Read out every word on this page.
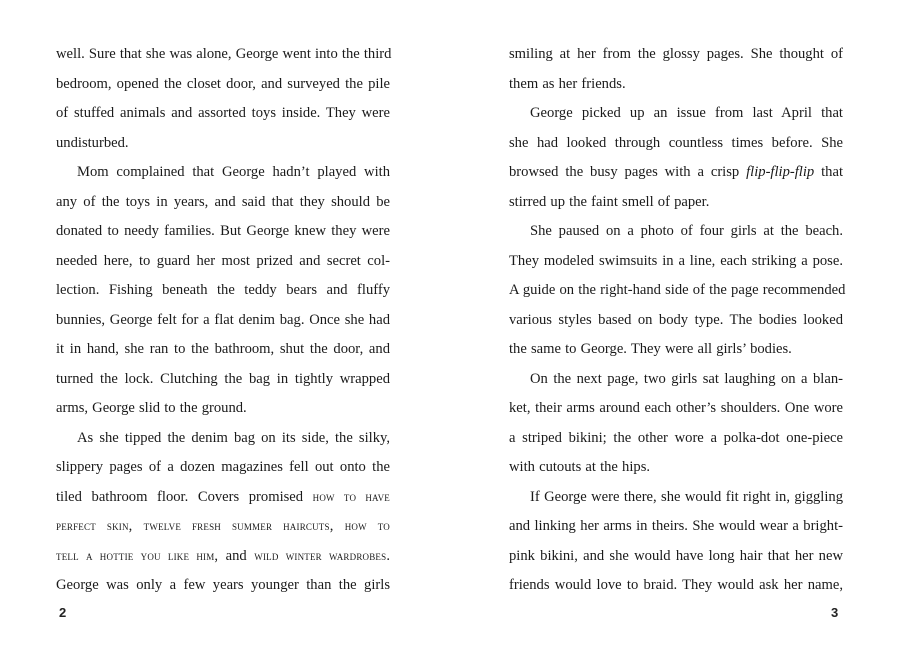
well. Sure that she was alone, George went into the third
bedroom, opened the closet door, and surveyed the pile
of stuffed animals and assorted toys inside. They were
undisturbed.
Mom complained that George hadn’t played with
any of the toys in years, and said that they should be
donated to needy families. But George knew they were
needed here, to guard her most prized and secret col-
lection. Fishing beneath the teddy bears and fluffy
bunnies, George felt for a flat denim bag. Once she had
it in hand, she ran to the bathroom, shut the door, and
turned the lock. Clutching the bag in tightly wrapped
arms, George slid to the ground.
As she tipped the denim bag on its side, the silky,
slippery pages of a dozen magazines fell out onto the
tiled bathroom floor. Covers promised how to have
perfect skin, twelve fresh summer haircuts, how to
tell a hottie you like him, and wild winter wardrobes.
George was only a few years younger than the girls
smiling at her from the glossy pages. She thought of
them as her friends.
George picked up an issue from last April that
she had looked through countless times before. She
browsed the busy pages with a crisp flip-flip-flip that
stirred up the faint smell of paper.
She paused on a photo of four girls at the beach.
They modeled swimsuits in a line, each striking a pose.
A guide on the right-hand side of the page recommended
various styles based on body type. The bodies looked
the same to George. They were all girls’ bodies.
On the next page, two girls sat laughing on a blan-
ket, their arms around each other’s shoulders. One wore
a striped bikini; the other wore a polka-dot one-piece
with cutouts at the hips.
If George were there, she would fit right in, giggling
and linking her arms in theirs. She would wear a bright-
pink bikini, and she would have long hair that her new
friends would love to braid. They would ask her name,
2	3
